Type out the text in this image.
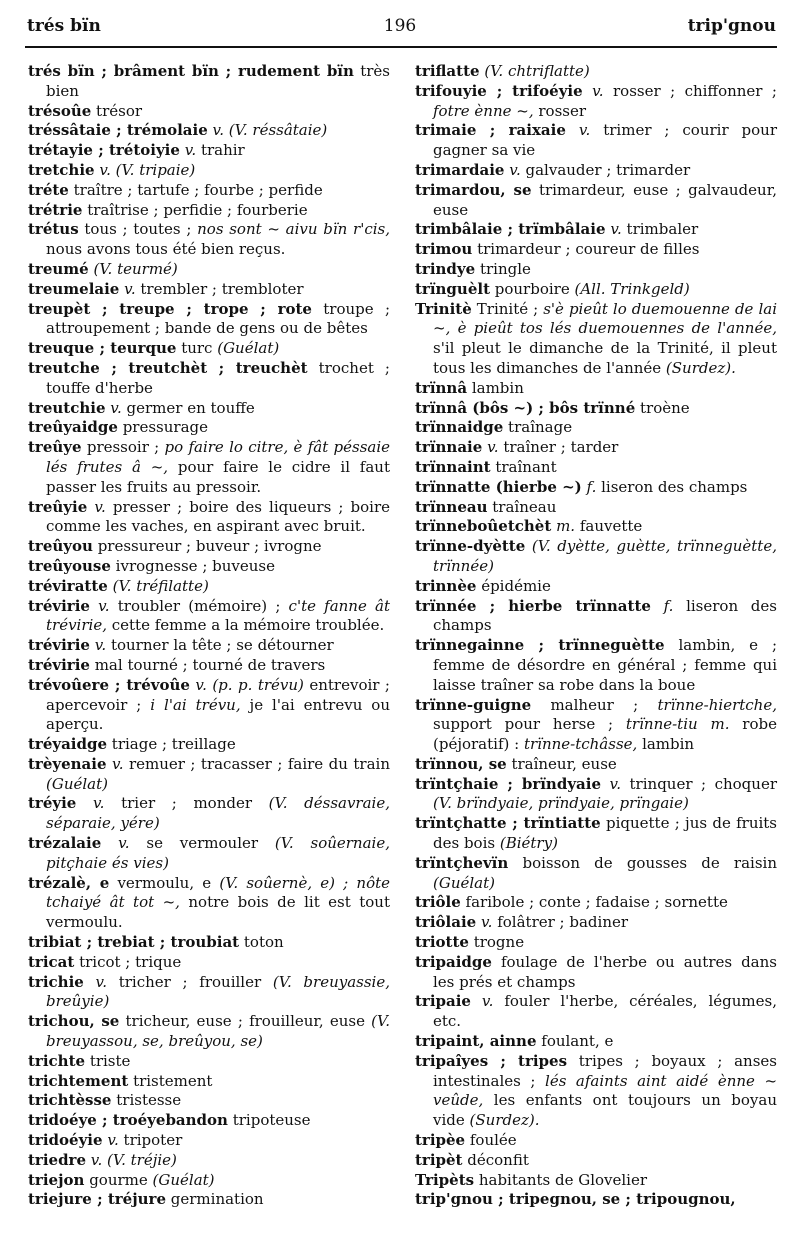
trés bïn	196	trip'gnou

trés bïn ; brâment bïn ; rudement bïn très bien

trésoûe trésor

tréssâtaie ; trémolaie v. (V. réssâtaie)

trétayie ; trétoiyie v. trahir

tretchie v. (V. tripaie)

tréte traître ; tartufe ; fourbe ; perfide

trétrie traîtrise ; perfidie ; fourberie

trétus tous ; toutes ; nos sont ~ aivu bïn r'cis, nous avons tous été bien reçus.

treumé (V. teurmé)

treumelaie v. trembler ; trembloter

treupèt ; treupe ; trope ; rote troupe ; attroupement ; bande de gens ou de bêtes

treuque ; teurque turc (Guélat)

treutche ; treutchèt ; treuchèt trochet ; touffe d'herbe

treutchie v. germer en touffe

treûyaidge pressurage

treûye pressoir ; po faire lo citre, è fât péssaie lés frutes â ~, pour faire le cidre il faut passer les fruits au pressoir.

treûyie v. presser ; boire des liqueurs ; boire comme les vaches, en aspirant avec bruit.

treûyou pressureur ; buveur ; ivrogne

treûyouse ivrognesse ; buveuse

tréviratte (V. tréfilatte)

trévirie v. troubler (mémoire) ; c'te fanne ât trévirie, cette femme a la mémoire troublée.

trévirie v. tourner la tête ; se détourner

trévirie mal tourné ; tourné de travers

trévoûere ; trévoûe v. (p. p. trévu) entrevoir ; apercevoir ; i l'ai trévu, je l'ai entrevu ou aperçu.

tréyaidge triage ; treillage

trèyenaie v. remuer ; tracasser ; faire du train (Guélat)

tréyie v. trier ; monder (V. déssavraie, séparaie, yére)

trézalaie v. se vermouler (V. soûernaie, pitçhaie és vies)

trézalè, e vermoulu, e (V. soûernè, e) ; nôte tchaiyé ât tot ~, notre bois de lit est tout vermoulu.

tribiat ; trebiat ; troubiat toton

tricat tricot ; trique

trichie v. tricher ; frouiller (V. breuyassie, breûyie)

trichou, se tricheur, euse ; frouilleur, euse (V. breuyassou, se, breûyou, se)

trichte triste

trichtement tristement

trichtèsse tristesse

tridoéye ; troéyebandon tripoteuse

tridoéyie v. tripoter

triedre v. (V. tréjie)

triejon gourme (Guélat)

triejure ; tréjure germination

triflatte (V. chtriflatte)

trifouyie ; trifoéyie v. rosser ; chiffonner ; fotre ènne ~, rosser

trimaie ; raixaie v. trimer ; courir pour gagner sa vie

trimardaie v. galvauder ; trimarder

trimardou, se trimardeur, euse ; galvaudeur, euse

trimbâlaie ; trïmbâlaie v. trimbaler

trimou trimardeur ; coureur de filles

trindye tringle

trïnguèlt pourboire (All. Trinkgeld)

Trinitè Trinité ; s'è pieût lo duemouenne de lai ~, è pieût tos lés duemouennes de l'année, s'il pleut le dimanche de la Trinité, il pleut tous les dimanches de l'année (Surdez).

trïnnâ lambin

trïnnâ (bôs ~) ; bôs trïnné troène

trïnnaidge traînage

trïnnaie v. traîner ; tarder

trïnnaint traînant

trïnnatte (hierbe ~) f. liseron des champs

trïnneau traîneau

trïnneboûetchèt m. fauvette

trïnne-dyètte (V. dyètte, guètte, trïnneguètte, trïnnée)

trinnèe épidémie

trïnnée ; hierbe trïnnatte f. liseron des champs

trïnnegainne ; trïnneguètte lambin, e ; femme de désordre en général ; femme qui laisse traîner sa robe dans la boue

trïnne-guigne malheur ; trïnne-hiertche, support pour herse ; trïnne-tiu m. robe (péjoratif) : trïnne-tchâsse, lambin

trïnnou, se traîneur, euse

trïntçhaie ; brïndyaie v. trinquer ; choquer (V. brïndyaie, prïndyaie, prïngaie)

trïntçhatte ; trïntiatte piquette ; jus de fruits des bois (Biétry)

trïntçhevïn boisson de gousses de raisin (Guélat)

triôle faribole ; conte ; fadaise ; sornette

triôlaie v. folâtrer ; badiner

triotte trogne

tripaidge foulage de l'herbe ou autres dans les prés et champs

tripaie v. fouler l'herbe, céréales, légumes, etc.

tripaint, ainne foulant, e

tripaîyes ; tripes tripes ; boyaux ; anses intestinales ; lés afaints aint aidé ènne ~ veûde, les enfants ont toujours un boyau vide (Surdez).

tripèe foulée

tripèt déconfit

Tripèts habitants de Glovelier

trip'gnou ; tripegnou, se ; tripougnou,
